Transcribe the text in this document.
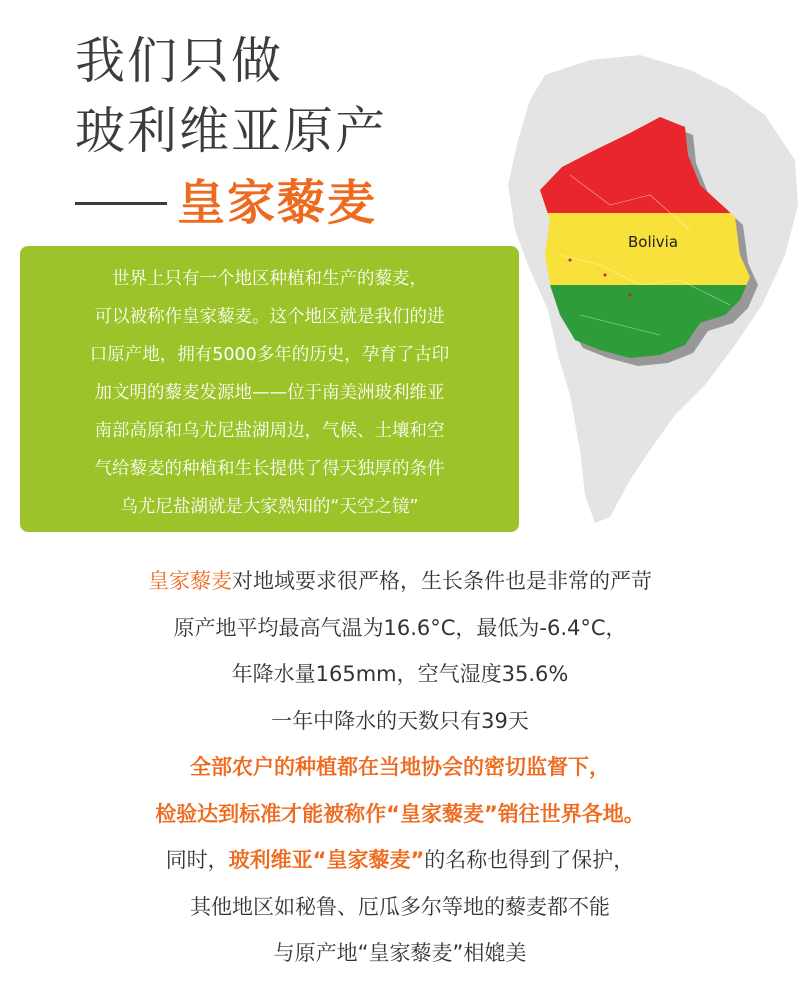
Bolivia
我们只做
玻利维亚原产
皇家藜麦
世界上只有一个地区种植和生产的藜麦，
可以被称作皇家藜麦。这个地区就是我们的进
口原产地，拥有5000多年的历史，孕育了古印
加文明的藜麦发源地——位于南美洲玻利维亚
南部高原和乌尤尼盐湖周边，气候、土壤和空
气给藜麦的种植和生长提供了得天独厚的条件
乌尤尼盐湖就是大家熟知的“天空之镜”
皇家藜麦对地域要求很严格，生长条件也是非常的严苛
原产地平均最高气温为16.6°C，最低为-6.4°C，
年降水量165mm，空气湿度35.6%
一年中降水的天数只有39天
全部农户的种植都在当地协会的密切监督下，
检验达到标准才能被称作“皇家藜麦”销往世界各地。
同时，玻利维亚“皇家藜麦”的名称也得到了保护，
其他地区如秘鲁、厄瓜多尔等地的藜麦都不能
与原产地“皇家藜麦”相媲美
